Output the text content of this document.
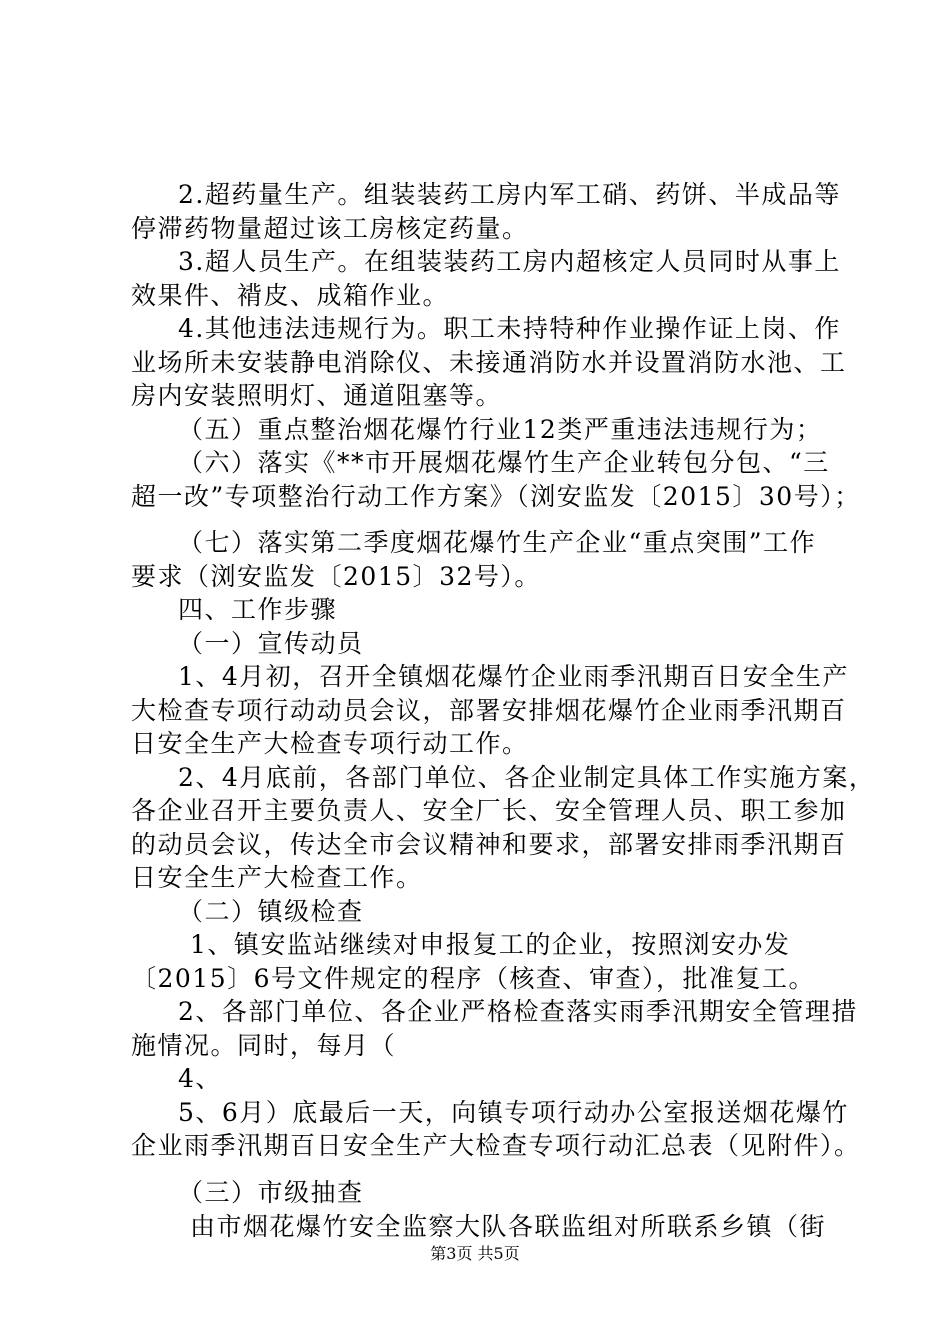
2.超药量生产。组装装药工房内军工硝、药饼、半成品等
停滞药物量超过该工房核定药量。
3.超人员生产。在组装装药工房内超核定人员同时从事上
效果件、褙皮、成箱作业。
4.其他违法违规行为。职工未持特种作业操作证上岗、作
业场所未安装静电消除仪、未接通消防水并设置消防水池、工
房内安装照明灯、通道阻塞等。
（五）重点整治烟花爆竹行业12类严重违法违规行为；
（六）落实《**市开展烟花爆竹生产企业转包分包、“三
超一改”专项整治行动工作方案》（浏安监发〔2015〕30号）；
（七）落实第二季度烟花爆竹生产企业“重点突围”工作
要求（浏安监发〔2015〕32号）。
四、工作步骤
（一）宣传动员
1、4月初，召开全镇烟花爆竹企业雨季汛期百日安全生产
大检查专项行动动员会议，部署安排烟花爆竹企业雨季汛期百
日安全生产大检查专项行动工作。
2、4月底前，各部门单位、各企业制定具体工作实施方案，
各企业召开主要负责人、安全厂长、安全管理人员、职工参加
的动员会议，传达全市会议精神和要求，部署安排雨季汛期百
日安全生产大检查工作。
（二）镇级检查
1、镇安监站继续对申报复工的企业，按照浏安办发
〔2015〕6号文件规定的程序（核查、审查），批准复工。
2、各部门单位、各企业严格检查落实雨季汛期安全管理措
施情况。同时，每月（
4、
5、6月）底最后一天，向镇专项行动办公室报送烟花爆竹
企业雨季汛期百日安全生产大检查专项行动汇总表（见附件）。
（三）市级抽查
由市烟花爆竹安全监察大队各联监组对所联系乡镇（街
第3页 共5页
